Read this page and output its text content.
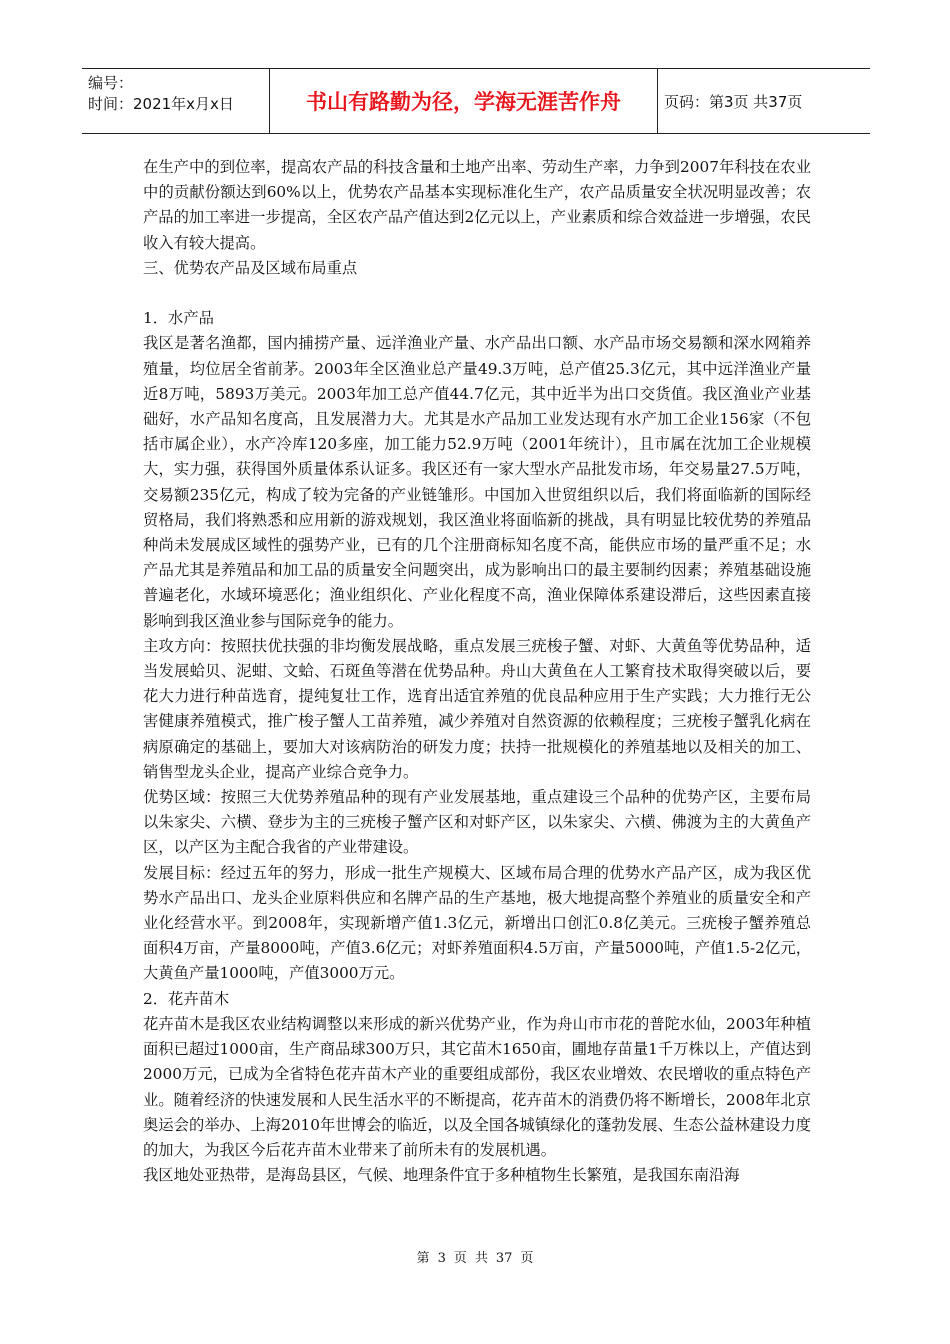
编号：
时间：2021年x月x日	书山有路勤为径，学海无涯苦作舟	页码：第3页 共37页

在生产中的到位率，提高农产品的科技含量和土地产出率、劳动生产率，力争到2007年科技在农业中的贡献份额达到60%以上，优势农产品基本实现标准化生产，农产品质量安全状况明显改善；农产品的加工率进一步提高，全区农产品产值达到2亿元以上，产业素质和综合效益进一步增强，农民收入有较大提高。

三、优势农产品及区域布局重点

1．水产品

我区是著名渔都，国内捕捞产量、远洋渔业产量、水产品出口额、水产品市场交易额和深水网箱养殖量，均位居全省前茅。2003年全区渔业总产量49.3万吨，总产值25.3亿元，其中远洋渔业产量近8万吨，5893万美元。2003年加工总产值44.7亿元，其中近半为出口交货值。我区渔业产业基础好，水产品知名度高，且发展潜力大。尤其是水产品加工业发达现有水产加工企业156家（不包括市属企业），水产冷库120多座，加工能力52.9万吨（2001年统计），且市属在沈加工企业规模大，实力强，获得国外质量体系认证多。我区还有一家大型水产品批发市场，年交易量27.5万吨，交易额235亿元，构成了较为完备的产业链雏形。中国加入世贸组织以后，我们将面临新的国际经贸格局，我们将熟悉和应用新的游戏规划，我区渔业将面临新的挑战，具有明显比较优势的养殖品种尚未发展成区域性的强势产业，已有的几个注册商标知名度不高，能供应市场的量严重不足；水产品尤其是养殖品和加工品的质量安全问题突出，成为影响出口的最主要制约因素；养殖基础设施普遍老化，水域环境恶化；渔业组织化、产业化程度不高，渔业保障体系建设滞后，这些因素直接影响到我区渔业参与国际竞争的能力。

主攻方向：按照扶优扶强的非均衡发展战略，重点发展三疣梭子蟹、对虾、大黄鱼等优势品种，适当发展蛤贝、泥蚶、文蛤、石斑鱼等潜在优势品种。舟山大黄鱼在人工繁育技术取得突破以后，要花大力进行种苗选育，提纯复壮工作，选育出适宜养殖的优良品种应用于生产实践；大力推行无公害健康养殖模式，推广梭子蟹人工苗养殖，减少养殖对自然资源的依赖程度；三疣梭子蟹乳化病在病原确定的基础上，要加大对该病防治的研发力度；扶持一批规模化的养殖基地以及相关的加工、销售型龙头企业，提高产业综合竞争力。

优势区域：按照三大优势养殖品种的现有产业发展基地，重点建设三个品种的优势产区，主要布局以朱家尖、六横、登步为主的三疣梭子蟹产区和对虾产区，以朱家尖、六横、佛渡为主的大黄鱼产区，以产区为主配合我省的产业带建设。

发展目标：经过五年的努力，形成一批生产规模大、区域布局合理的优势水产品产区，成为我区优势水产品出口、龙头企业原料供应和名牌产品的生产基地，极大地提高整个养殖业的质量安全和产业化经营水平。到2008年，实现新增产值1.3亿元，新增出口创汇0.8亿美元。三疣梭子蟹养殖总面积4万亩，产量8000吨，产值3.6亿元；对虾养殖面积4.5万亩，产量5000吨，产值1.5-2亿元，大黄鱼产量1000吨，产值3000万元。

2．花卉苗木

花卉苗木是我区农业结构调整以来形成的新兴优势产业，作为舟山市市花的普陀水仙，2003年种植面积已超过1000亩，生产商品球300万只，其它苗木1650亩，圃地存苗量1千万株以上，产值达到2000万元，已成为全省特色花卉苗木产业的重要组成部份，我区农业增效、农民增收的重点特色产业。随着经济的快速发展和人民生活水平的不断提高，花卉苗木的消费仍将不断增长，2008年北京奥运会的举办、上海2010年世博会的临近，以及全国各城镇绿化的蓬勃发展、生态公益林建设力度的加大，为我区今后花卉苗木业带来了前所未有的发展机遇。

我区地处亚热带，是海岛县区，气候、地理条件宜于多种植物生长繁殖，是我国东南沿海

第 3 页 共 37 页
